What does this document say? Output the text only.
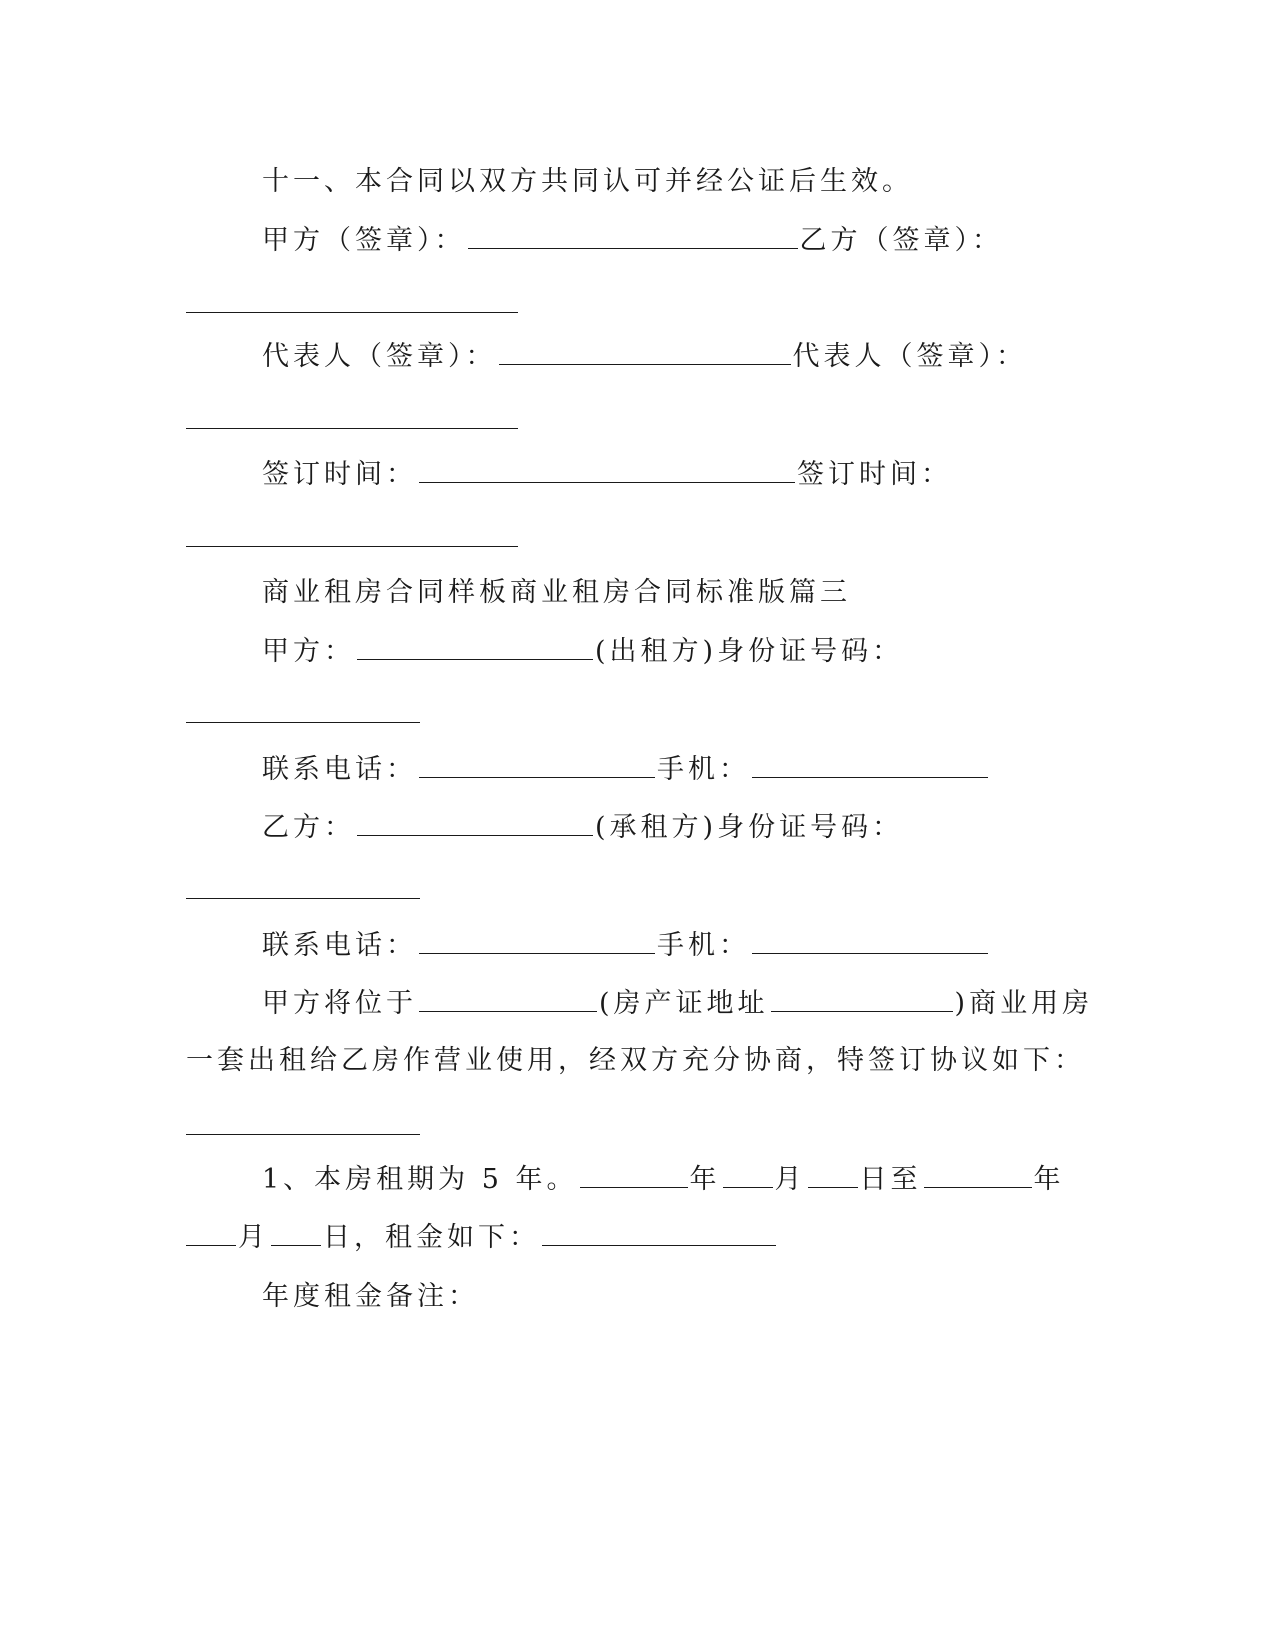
十一、本合同以双方共同认可并经公证后生效。
甲方（签章）：	乙方（签章）：
代表人（签章）：	代表人（签章）：
签订时间：	签订时间：
商业租房合同样板商业租房合同标准版篇三
甲方：	(出租方)身份证号码：
联系电话：	手机：
乙方：	(承租方)身份证号码：
联系电话：	手机：
甲方将位于	(房产证地址	)商业用房
一套出租给乙房作营业使用，经双方充分协商，特签订协议如下：
1、本房租期为 5 年。	年 月 日至	年
月 日，租金如下：
年度租金备注：
